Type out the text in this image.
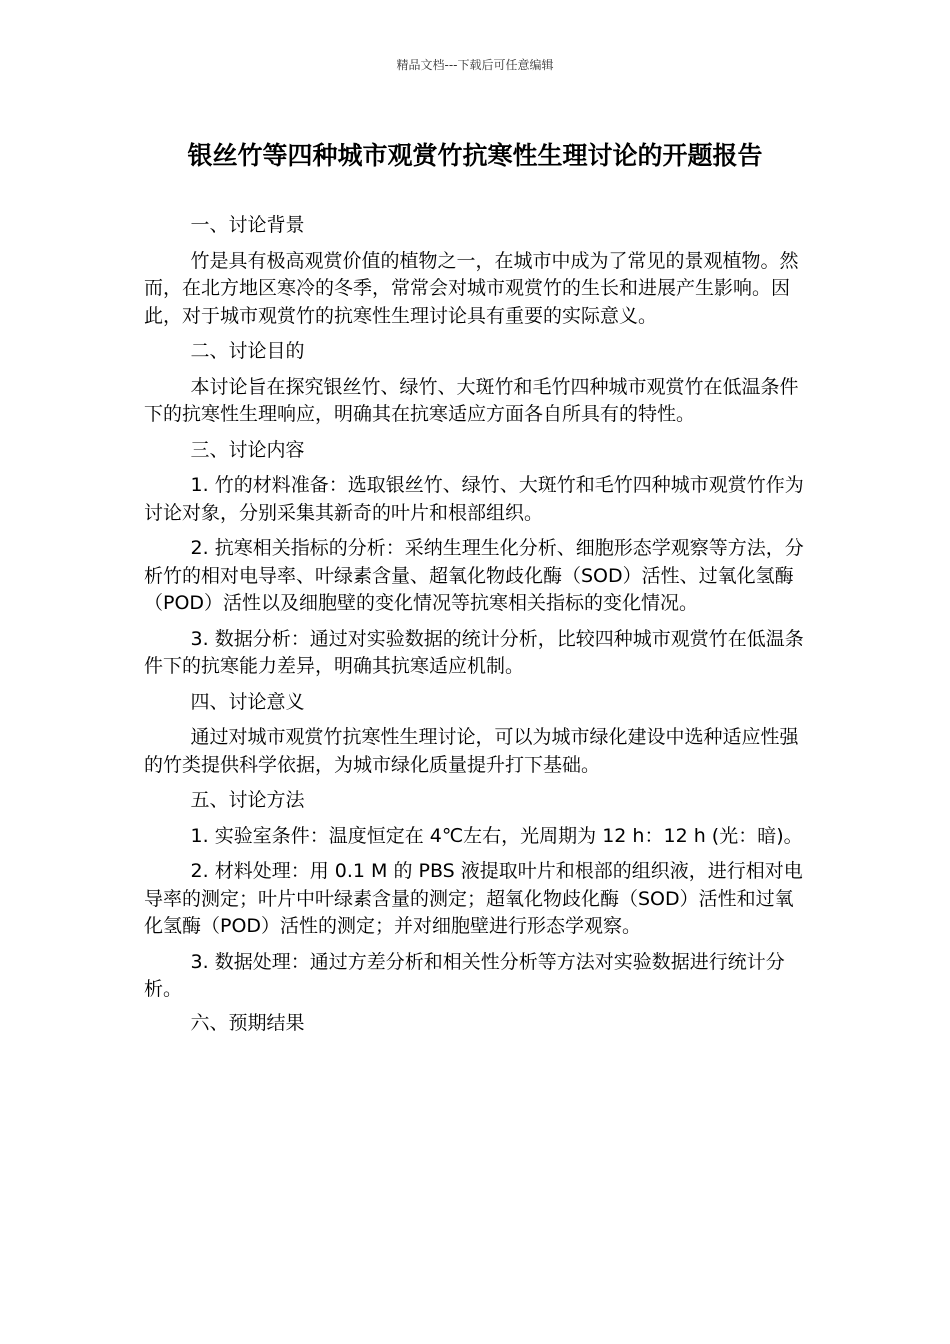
精品文档---下载后可任意编辑
银丝竹等四种城市观赏竹抗寒性生理讨论的开题报告

一、讨论背景

竹是具有极高观赏价值的植物之一，在城市中成为了常见的景观植物。然而，在北方地区寒冷的冬季，常常会对城市观赏竹的生长和进展产生影响。因此，对于城市观赏竹的抗寒性生理讨论具有重要的实际意义。

二、讨论目的

本讨论旨在探究银丝竹、绿竹、大斑竹和毛竹四种城市观赏竹在低温条件下的抗寒性生理响应，明确其在抗寒适应方面各自所具有的特性。

三、讨论内容

1. 竹的材料准备：选取银丝竹、绿竹、大斑竹和毛竹四种城市观赏竹作为讨论对象，分别采集其新奇的叶片和根部组织。

2. 抗寒相关指标的分析：采纳生理生化分析、细胞形态学观察等方法，分析竹的相对电导率、叶绿素含量、超氧化物歧化酶（SOD）活性、过氧化氢酶（POD）活性以及细胞壁的变化情况等抗寒相关指标的变化情况。

3. 数据分析：通过对实验数据的统计分析，比较四种城市观赏竹在低温条件下的抗寒能力差异，明确其抗寒适应机制。

四、讨论意义

通过对城市观赏竹抗寒性生理讨论，可以为城市绿化建设中选种适应性强的竹类提供科学依据，为城市绿化质量提升打下基础。

五、讨论方法

1. 实验室条件：温度恒定在 4℃左右，光周期为 12 h：12 h (光：暗)。

2. 材料处理：用 0.1 M 的 PBS 液提取叶片和根部的组织液，进行相对电导率的测定；叶片中叶绿素含量的测定；超氧化物歧化酶（SOD）活性和过氧化氢酶（POD）活性的测定；并对细胞壁进行形态学观察。

3. 数据处理：通过方差分析和相关性分析等方法对实验数据进行统计分析。

六、预期结果
